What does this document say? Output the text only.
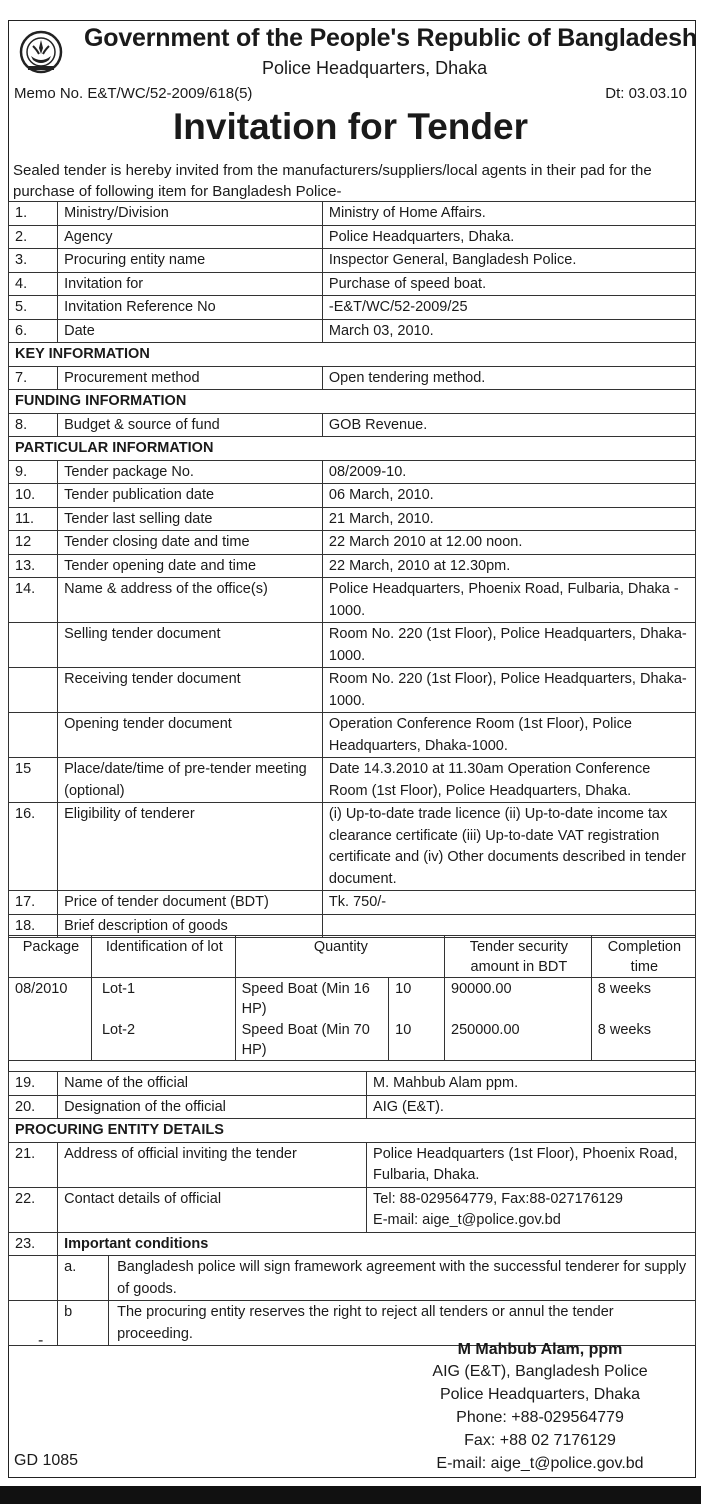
Government of the People's Republic of Bangladesh
Police Headquarters, Dhaka
Memo No. E&T/WC/52-2009/618(5)	Dt: 03.03.10
Invitation for Tender
Sealed tender is hereby invited from the manufacturers/suppliers/local agents in their pad for the purchase of following item for Bangladesh Police-
1.	Ministry/Division	Ministry of Home Affairs.
2.	Agency	Police Headquarters, Dhaka.
3.	Procuring entity name	Inspector General, Bangladesh Police.
4.	Invitation for	Purchase of speed boat.
5.	Invitation Reference No	-E&T/WC/52-2009/25
6.	Date	March 03, 2010.
KEY INFORMATION		
7.	Procurement method	Open tendering method.
FUNDING INFORMATION		
8.	Budget & source of fund	GOB Revenue.
PARTICULAR INFORMATION		
9.	Tender package No.	08/2009-10.
10.	Tender publication date	06 March, 2010.
11.	Tender last selling date	21 March, 2010.
12	Tender closing date and time	22 March 2010 at 12.00 noon.
13.	Tender opening date and time	22 March, 2010 at 12.30pm.
14.	Name & address of the office(s)	Police Headquarters, Phoenix Road, Fulbaria, Dhaka - 1000.
	Selling tender document	Room No. 220 (1st Floor), Police Headquarters, Dhaka-1000.
	Receiving tender document	Room No. 220 (1st Floor), Police Headquarters, Dhaka-1000.
	Opening tender document	Operation Conference Room (1st Floor), Police Headquarters, Dhaka-1000.
15	Place/date/time of pre-tender meeting (optional)	Date 14.3.2010 at 11.30am Operation Conference Room (1st Floor), Police Headquarters, Dhaka.
16.	Eligibility of tenderer	(i) Up-to-date trade licence (ii) Up-to-date income tax clearance certificate (iii) Up-to-date VAT registration certificate and (iv) Other documents described in tender document.
17.	Price of tender document (BDT)	Tk. 750/-
18.	Brief description of goods	
Package	Identification of lot	Quantity		Tender security amount in BDT	Completion time
08/2010	Lot-1	Speed Boat (Min 16 HP)	10	90000.00	8 weeks
	Lot-2	Speed Boat (Min 70 HP)	10	250000.00	8 weeks
19.	Name of the official	M. Mahbub Alam ppm.
20.	Designation of the official	AIG (E&T).
PROCURING ENTITY DETAILS
21.	Address of official inviting the tender	Police Headquarters (1st Floor), Phoenix Road, Fulbaria, Dhaka.
22.	Contact details of official	Tel: 88-029564779, Fax:88-027176129
E-mail: aige_t@police.gov.bd

23.	Important conditions

a.	Bangladesh police will sign framework agreement with the successful tenderer for supply of goods.

b	The procuring entity reserves the right to reject all tenders or annul the tender proceeding.
-
M Mahbub Alam, ppm
AIG (E&T), Bangladesh Police
Police Headquarters, Dhaka
Phone: +88-029564779
Fax: +88 02 7176129
E-mail: aige_t@police.gov.bd
GD 1085
